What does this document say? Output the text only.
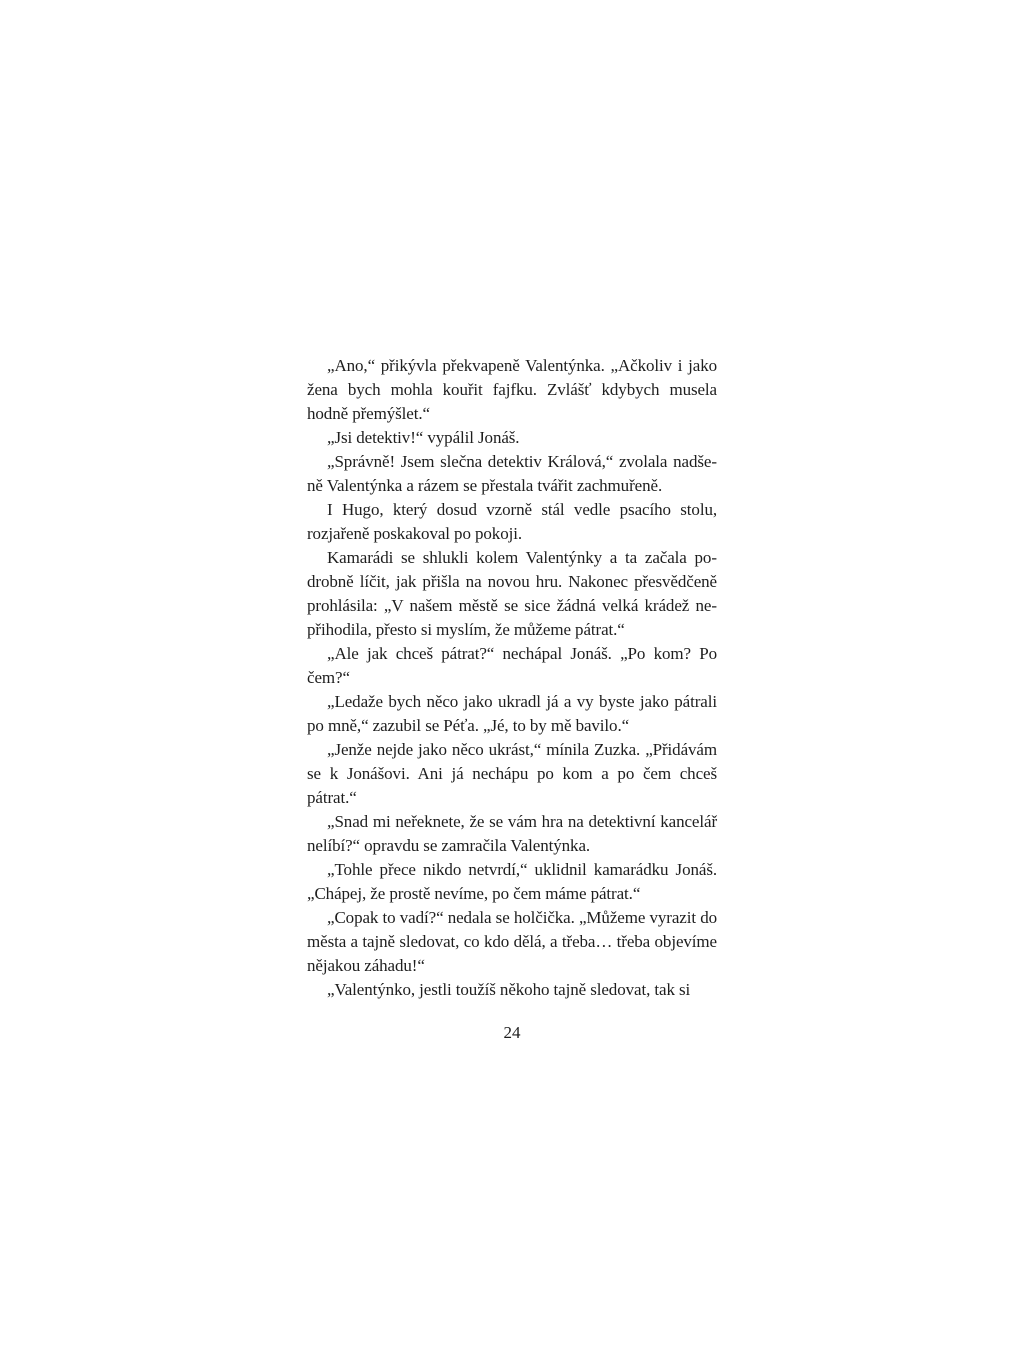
„Ano,“ přikývla překvapeně Valentýnka. „Ačkoliv i jako žena bych mohla kouřit fajfku. Zvlášť kdybych musela hodně přemýšlet.“

„Jsi detektiv!“ vypálil Jonáš.

„Správně! Jsem slečna detektiv Králová,“ zvolala nadšeně Valentýnka a rázem se přestala tvářit zachmuřeně.

I Hugo, který dosud vzorně stál vedle psacího stolu, rozjařeně poskakoval po pokoji.

Kamarádi se shlukli kolem Valentýnky a ta začala podrobně líčit, jak přišla na novou hru. Nakonec přesvědčeně prohlásila: „V našem městě se sice žádná velká krádež nepřihodila, přesto si myslím, že můžeme pátrat.“

„Ale jak chceš pátrat?“ nechápal Jonáš. „Po kom? Po čem?“

„Ledaže bych něco jako ukradl já a vy byste jako pátrali po mně,“ zazubil se Péťa. „Jé, to by mě bavilo.“

„Jenže nejde jako něco ukrást,“ mínila Zuzka. „Přidávám se k Jonášovi. Ani já nechápu po kom a po čem chceš pátrat.“

„Snad mi neřeknete, že se vám hra na detektivní kancelář nelíbí?“ opravdu se zamračila Valentýnka.

„Tohle přece nikdo netvrdí,“ uklidnil kamarádku Jonáš. „Chápej, že prostě nevíme, po čem máme pátrat.“

„Copak to vadí?“ nedala se holčička. „Můžeme vyrazit do města a tajně sledovat, co kdo dělá, a třeba… třeba objevíme nějakou záhadu!“

„Valentýnko, jestli toužíš někoho tajně sledovat, tak si

24
